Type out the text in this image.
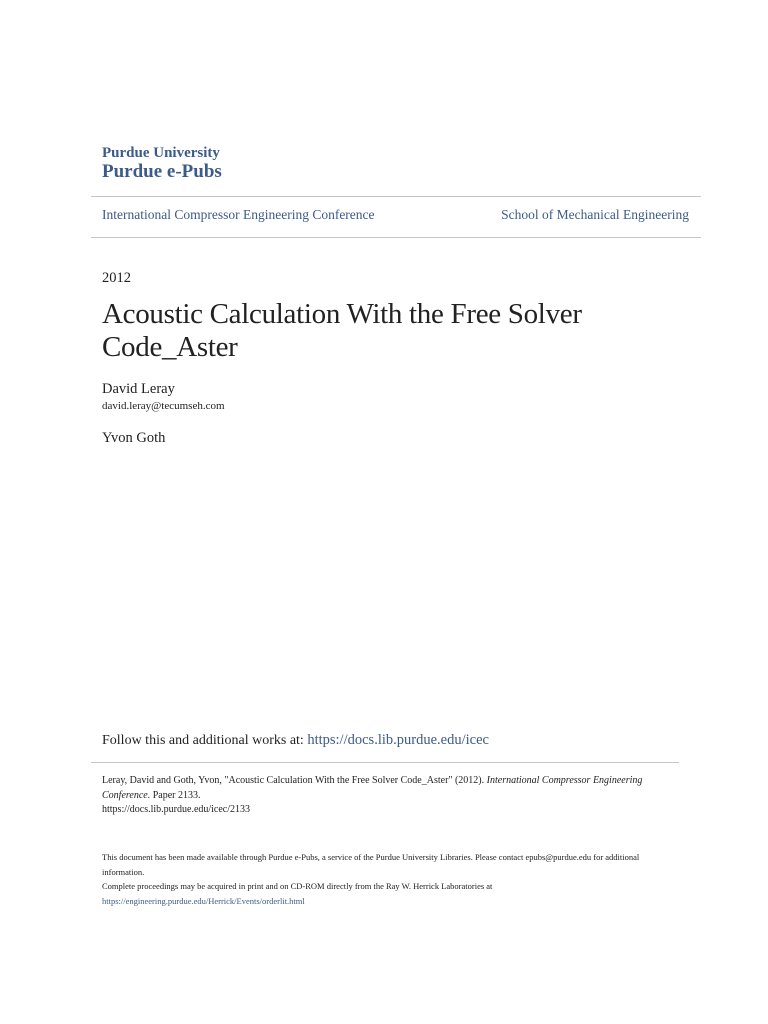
Purdue University
Purdue e-Pubs
International Compressor Engineering Conference	School of Mechanical Engineering
2012
Acoustic Calculation With the Free Solver Code_Aster
David Leray
david.leray@tecumseh.com
Yvon Goth
Follow this and additional works at: https://docs.lib.purdue.edu/icec
Leray, David and Goth, Yvon, "Acoustic Calculation With the Free Solver Code_Aster" (2012). International Compressor Engineering Conference. Paper 2133.
https://docs.lib.purdue.edu/icec/2133
This document has been made available through Purdue e-Pubs, a service of the Purdue University Libraries. Please contact epubs@purdue.edu for additional information.
Complete proceedings may be acquired in print and on CD-ROM directly from the Ray W. Herrick Laboratories at https://engineering.purdue.edu/Herrick/Events/orderlit.html
